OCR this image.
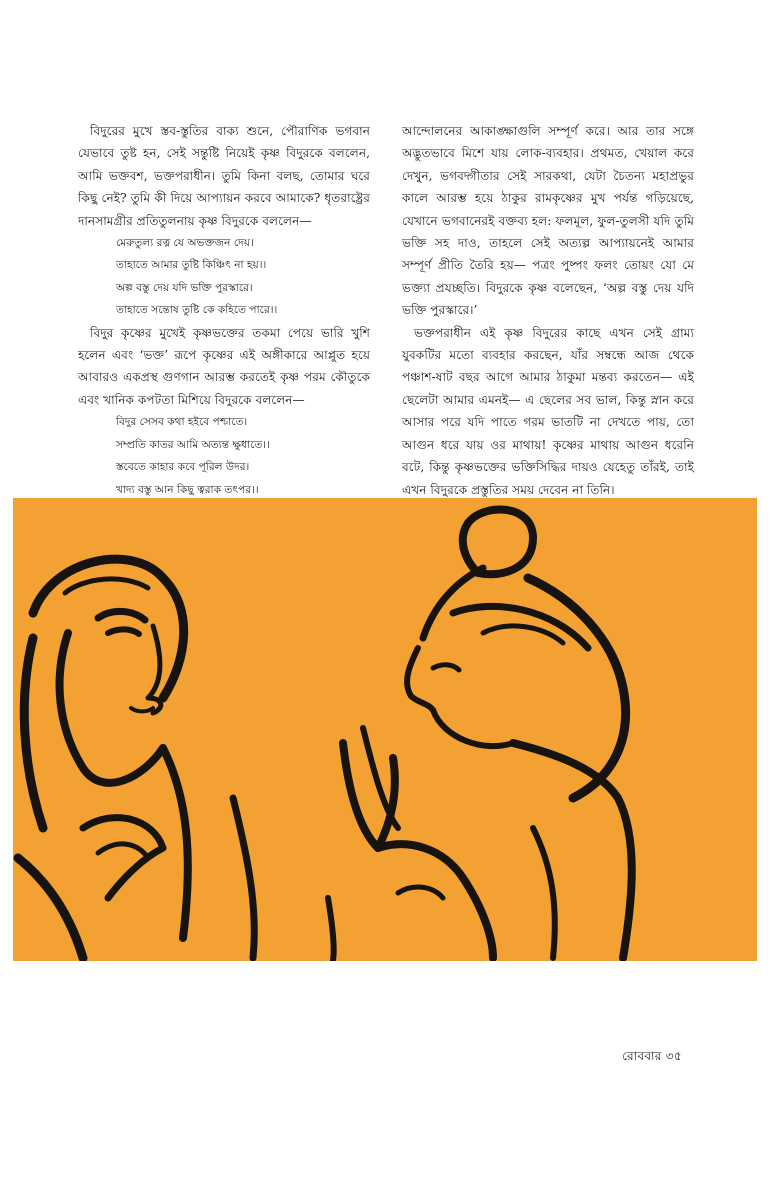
বিদুরের মুখে স্তব-স্তুতির বাক্য শুনে, পৌরাণিক ভগবান যেভাবে তুষ্ট হন, সেই সন্তুষ্টি নিয়েই কৃষ্ণ বিদুরকে বললেন, আমি ভক্তবশ, ভক্তপরাধীন। তুমি কিনা বলছ, তোমার ঘরে কিছু নেই? তুমি কী দিয়ে আপ্যায়ন করবে আমাকে? ধৃতরাষ্ট্রের দানসামগ্রীর প্রতিতুলনায় কৃষ্ণ বিদুরকে বললেন—

মেরুতুল্য রত্ন যে অভক্তজন দেয়।
তাহাতে আমার তুষ্টি কিঞ্চিৎ না হয়।।
অল্প বস্তু দেয় যদি ভক্তি পুরস্কারে।
তাহাতে সন্তোষ তুষ্টি কে কহিতে পারে।।

বিদুর কৃষ্ণের মুখেই কৃষ্ণভক্তের তকমা পেয়ে ভারি খুশি হলেন এবং ‘ভক্ত’ রূপে কৃষ্ণের এই অঙ্গীকারে আপ্লুত হয়ে আবারও একপ্রস্থ গুণগান আরম্ভ করতেই কৃষ্ণ পরম কৌতুকে এবং খানিক কপটতা মিশিয়ে বিদুরকে বললেন—

বিদুর সেসব কথা হইবে পশ্চাতে।
সম্প্রতি কাতর আমি অত্যন্ত ক্ষুধাতে।।
স্তবেতে কাহার কবে পূরিল উদর।
খাদ্য বস্তু আন কিছু ত্বরাক তৎপর।।

আন্দোলনের আকাঙ্ক্ষাগুলি সম্পূর্ণ করে। আর তার সঙ্গে অদ্ভুতভাবে মিশে যায় লোক-ব্যবহার। প্রথমত, খেয়াল করে দেখুন, ভগবদ্গীতার সেই সারকথা, যেটা চৈতন্য মহাপ্রভুর কালে আরম্ভ হয়ে ঠাকুর রামকৃষ্ণের মুখ পর্যন্ত গড়িয়েছে, যেখানে ভগবানেরই বক্তব্য হল: ফলমূল, ফুল-তুলসী যদি তুমি ভক্তি সহ দাও, তাহলে সেই অত্যল্প আপ্যায়নেই আমার সম্পূর্ণ প্রীতি তৈরি হয়— পত্রং পুষ্পং ফলং তোয়ং যো মে ভক্ত্যা প্রযচ্ছতি। বিদুরকে কৃষ্ণ বলেছেন, ‘অল্প বস্তু দেয় যদি ভক্তি পুরস্কারে।’

ভক্তপরাধীন এই কৃষ্ণ বিদুরের কাছে এখন সেই গ্রাম্য যুবকটির মতো ব্যবহার করছেন, যাঁর সম্বন্ধে আজ থেকে পঞ্চাশ-ষাট বছর আগে আমার ঠাকুমা মন্তব্য করতেন— এই ছেলেটা আমার এমনই— এ ছেলের সব ভাল, কিন্তু স্নান করে আসার পরে যদি পাতে গরম ভাতটি না দেখতে পায়, তো আগুন ধরে যায় ওর মাথায়! কৃষ্ণের মাথায় আগুন ধরেনি বটে, কিন্তু কৃষ্ণভক্তের ভক্তিসিদ্ধির দায়ও যেহেতু তাঁরই, তাই এখন বিদুরকে প্রস্তুতির সময় দেবেন না তিনি।

রোববার ৩৫
